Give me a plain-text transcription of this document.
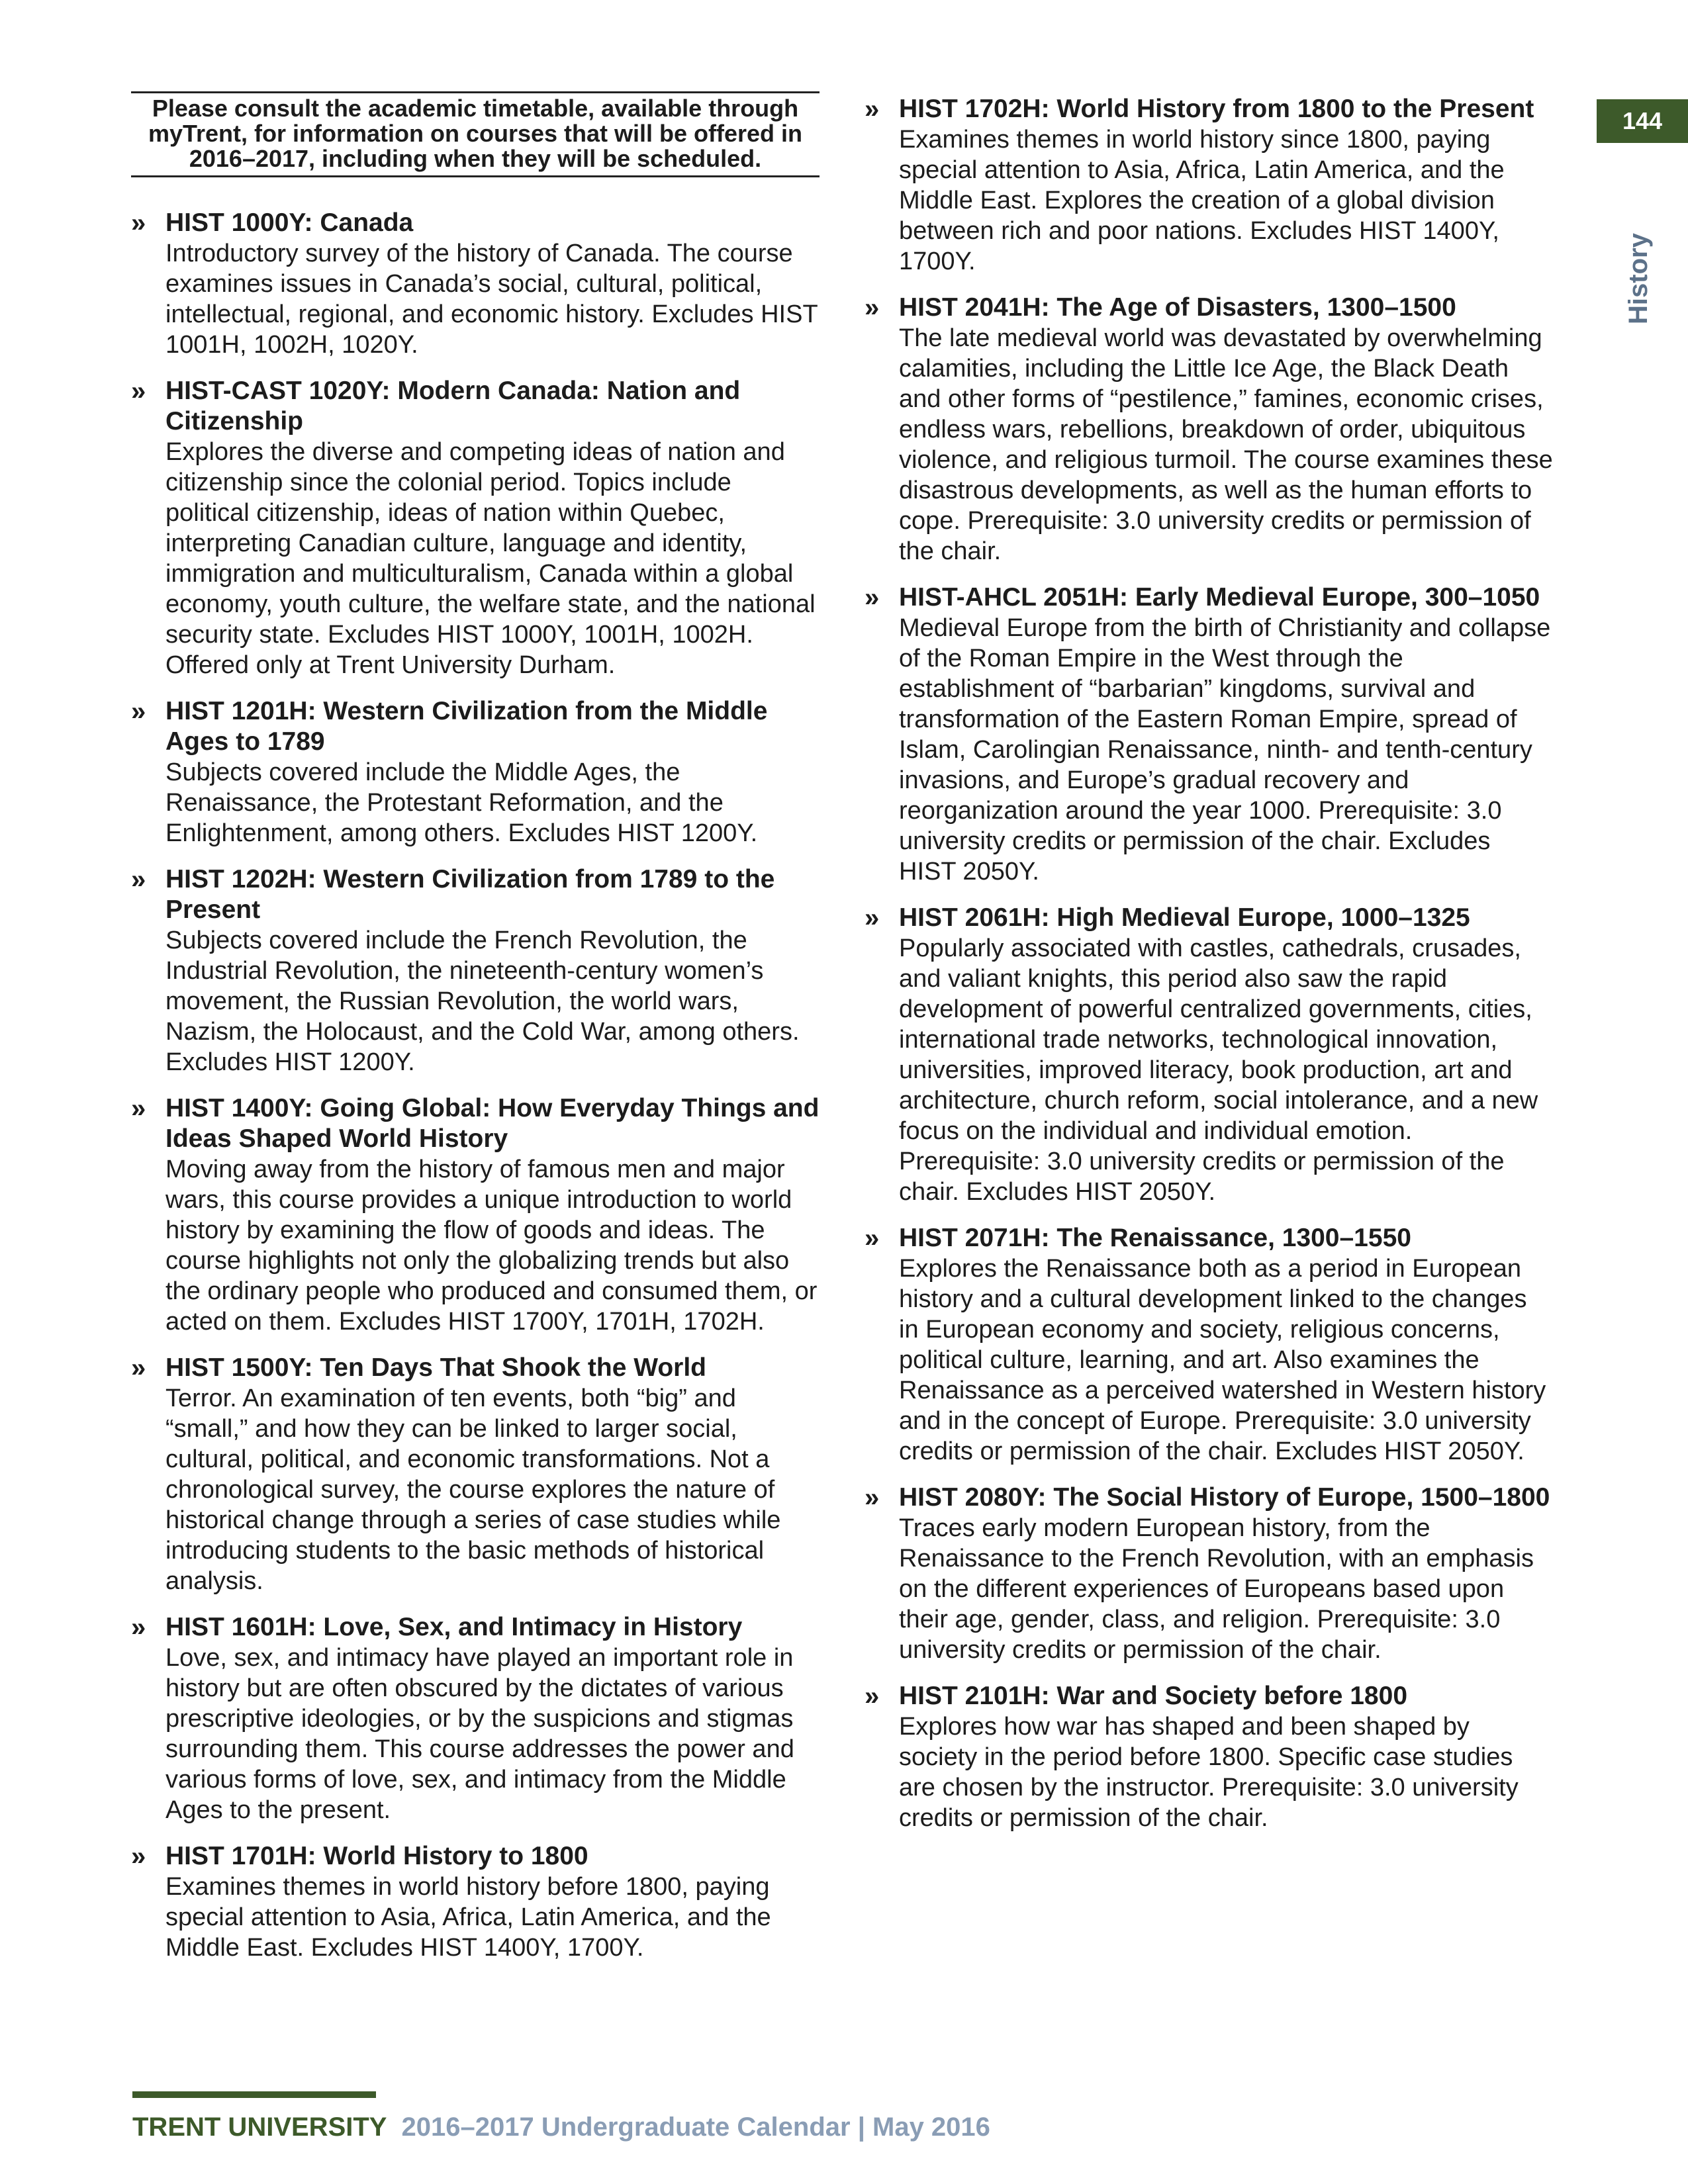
144
History
Please consult the academic timetable, available through myTrent, for information on courses that will be offered in 2016–2017, including when they will be scheduled.
» HIST 1000Y: Canada
Introductory survey of the history of Canada. The course examines issues in Canada’s social, cultural, political, intellectual, regional, and economic history. Excludes HIST 1001H, 1002H, 1020Y.
» HIST-CAST 1020Y: Modern Canada: Nation and Citizenship
Explores the diverse and competing ideas of nation and citizenship since the colonial period. Topics include political citizenship, ideas of nation within Quebec, interpreting Canadian culture, language and identity, immigration and multiculturalism, Canada within a global economy, youth culture, the welfare state, and the national security state. Excludes HIST 1000Y, 1001H, 1002H. Offered only at Trent University Durham.
» HIST 1201H: Western Civilization from the Middle Ages to 1789
Subjects covered include the Middle Ages, the Renaissance, the Protestant Reformation, and the Enlightenment, among others. Excludes HIST 1200Y.
» HIST 1202H: Western Civilization from 1789 to the Present
Subjects covered include the French Revolution, the Industrial Revolution, the nineteenth-century women’s movement, the Russian Revolution, the world wars, Nazism, the Holocaust, and the Cold War, among others. Excludes HIST 1200Y.
» HIST 1400Y: Going Global: How Everyday Things and Ideas Shaped World History
Moving away from the history of famous men and major wars, this course provides a unique introduction to world history by examining the flow of goods and ideas. The course highlights not only the globalizing trends but also the ordinary people who produced and consumed them, or acted on them. Excludes HIST 1700Y, 1701H, 1702H.
» HIST 1500Y: Ten Days That Shook the World
Terror. An examination of ten events, both “big” and “small,” and how they can be linked to larger social, cultural, political, and economic transformations. Not a chronological survey, the course explores the nature of historical change through a series of case studies while introducing students to the basic methods of historical analysis.
» HIST 1601H: Love, Sex, and Intimacy in History
Love, sex, and intimacy have played an important role in history but are often obscured by the dictates of various prescriptive ideologies, or by the suspicions and stigmas surrounding them. This course addresses the power and various forms of love, sex, and intimacy from the Middle Ages to the present.
» HIST 1701H: World History to 1800
Examines themes in world history before 1800, paying special attention to Asia, Africa, Latin America, and the Middle East. Excludes HIST 1400Y, 1700Y.
» HIST 1702H: World History from 1800 to the Present
Examines themes in world history since 1800, paying special attention to Asia, Africa, Latin America, and the Middle East. Explores the creation of a global division between rich and poor nations. Excludes HIST 1400Y, 1700Y.
» HIST 2041H: The Age of Disasters, 1300–1500
The late medieval world was devastated by overwhelming calamities, including the Little Ice Age, the Black Death and other forms of “pestilence,” famines, economic crises, endless wars, rebellions, breakdown of order, ubiquitous violence, and religious turmoil. The course examines these disastrous developments, as well as the human efforts to cope. Prerequisite: 3.0 university credits or permission of the chair.
» HIST-AHCL 2051H: Early Medieval Europe, 300–1050
Medieval Europe from the birth of Christianity and collapse of the Roman Empire in the West through the establishment of “barbarian” kingdoms, survival and transformation of the Eastern Roman Empire, spread of Islam, Carolingian Renaissance, ninth- and tenth-century invasions, and Europe’s gradual recovery and reorganization around the year 1000. Prerequisite: 3.0 university credits or permission of the chair. Excludes HIST 2050Y.
» HIST 2061H: High Medieval Europe, 1000–1325
Popularly associated with castles, cathedrals, crusades, and valiant knights, this period also saw the rapid development of powerful centralized governments, cities, international trade networks, technological innovation, universities, improved literacy, book production, art and architecture, church reform, social intolerance, and a new focus on the individual and individual emotion. Prerequisite: 3.0 university credits or permission of the chair. Excludes HIST 2050Y.
» HIST 2071H: The Renaissance, 1300–1550
Explores the Renaissance both as a period in European history and a cultural development linked to the changes in European economy and society, religious concerns, political culture, learning, and art. Also examines the Renaissance as a perceived watershed in Western history and in the concept of Europe. Prerequisite: 3.0 university credits or permission of the chair. Excludes HIST 2050Y.
» HIST 2080Y: The Social History of Europe, 1500–1800
Traces early modern European history, from the Renaissance to the French Revolution, with an emphasis on the different experiences of Europeans based upon their age, gender, class, and religion. Prerequisite: 3.0 university credits or permission of the chair.
» HIST 2101H: War and Society before 1800
Explores how war has shaped and been shaped by society in the period before 1800. Specific case studies are chosen by the instructor. Prerequisite: 3.0 university credits or permission of the chair.
TRENT UNIVERSITY 2016–2017 Undergraduate Calendar | May 2016
